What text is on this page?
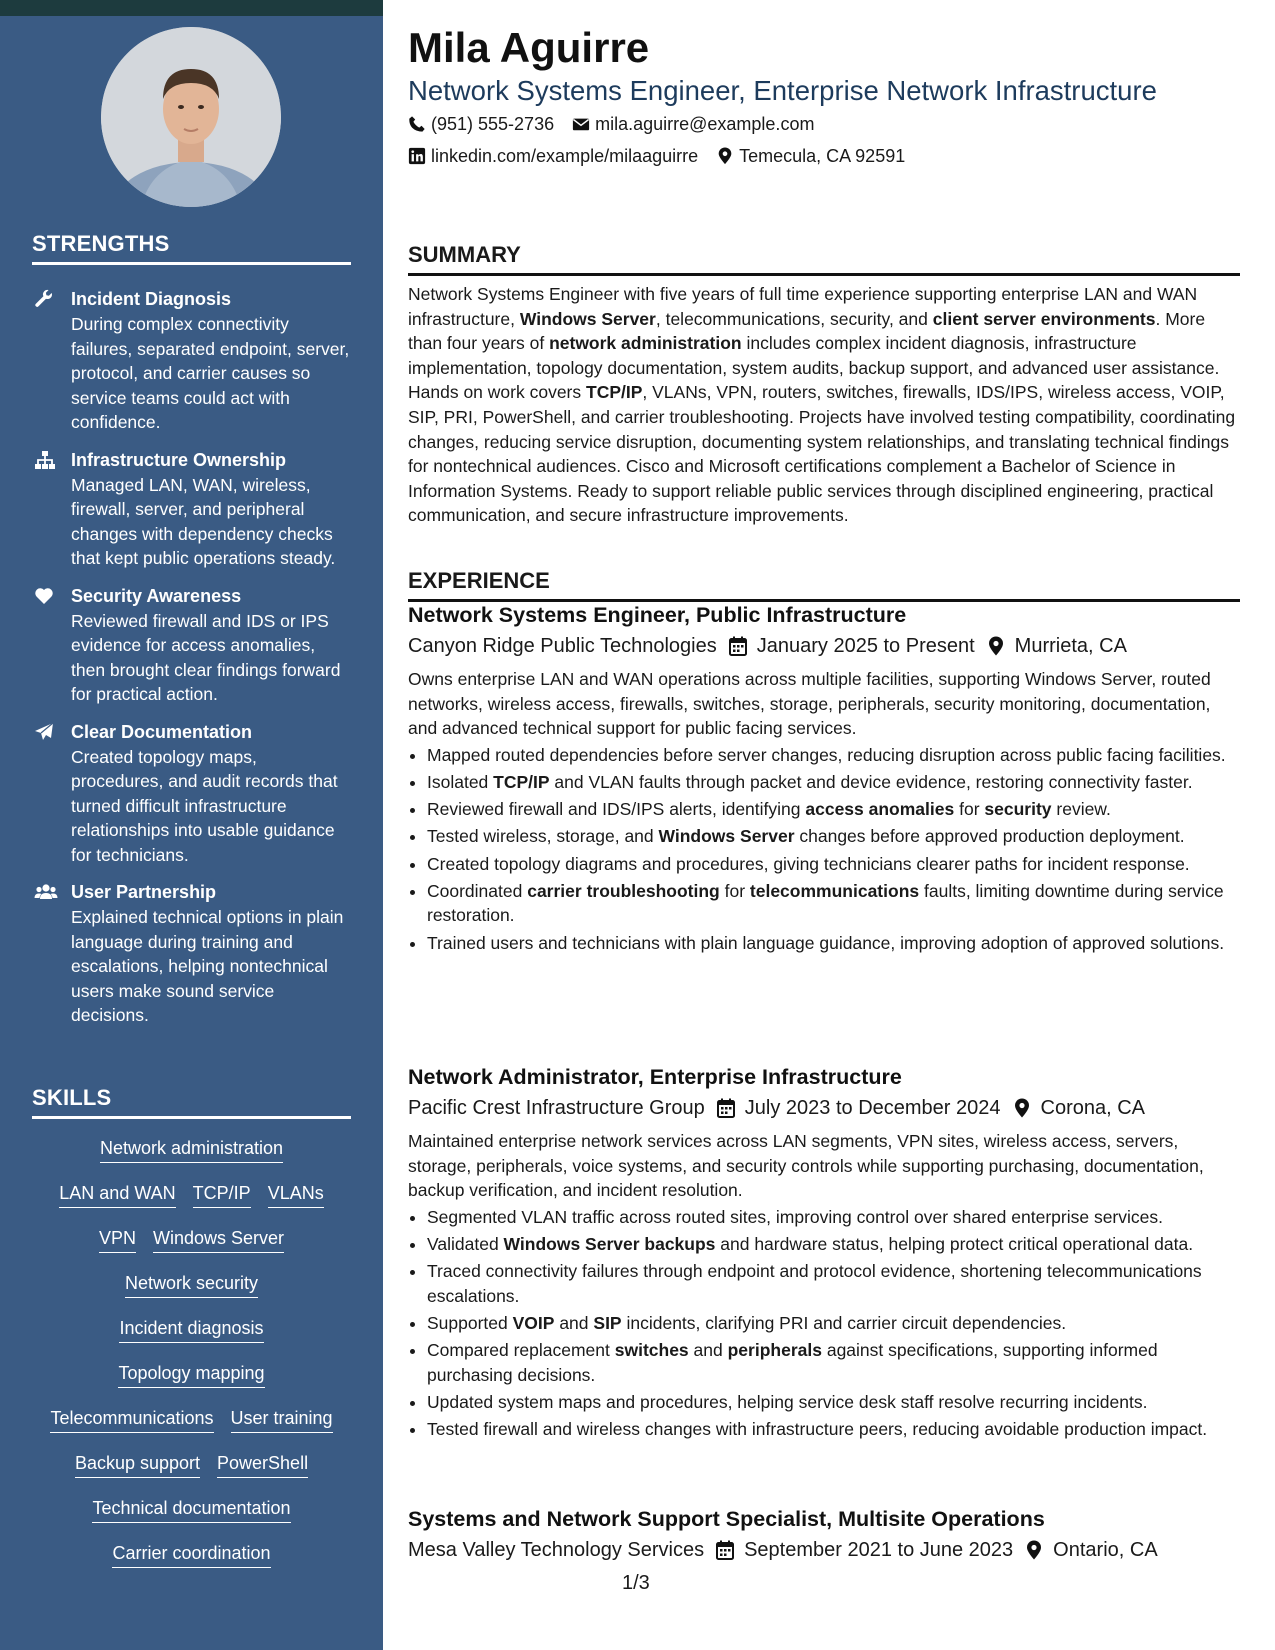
STRENGTHS
Incident Diagnosis
During complex connectivity failures, separated endpoint, server, protocol, and carrier causes so service teams could act with confidence.
Infrastructure Ownership
Managed LAN, WAN, wireless, firewall, server, and peripheral changes with dependency checks that kept public operations steady.
Security Awareness
Reviewed firewall and IDS or IPS evidence for access anomalies, then brought clear findings forward for practical action.
Clear Documentation
Created topology maps, procedures, and audit records that turned difficult infrastructure relationships into usable guidance for technicians.
User Partnership
Explained technical options in plain language during training and escalations, helping nontechnical users make sound service decisions.
SKILLS
Network administration
LAN and WAN TCP/IP VLANs
VPN Windows Server
Network security
Incident diagnosis
Topology mapping
Telecommunications User training
Backup support PowerShell
Technical documentation
Carrier coordination
Mila Aguirre
Network Systems Engineer, Enterprise Network Infrastructure
(951) 555-2736 mila.aguirre@example.com
linkedin.com/example/milaaguirre Temecula, CA 92591
SUMMARY
Network Systems Engineer with five years of full time experience supporting enterprise LAN and WAN infrastructure, Windows Server, telecommunications, security, and client server environments. More than four years of network administration includes complex incident diagnosis, infrastructure implementation, topology documentation, system audits, backup support, and advanced user assistance. Hands on work covers TCP/IP, VLANs, VPN, routers, switches, firewalls, IDS/IPS, wireless access, VOIP, SIP, PRI, PowerShell, and carrier troubleshooting. Projects have involved testing compatibility, coordinating changes, reducing service disruption, documenting system relationships, and translating technical findings for nontechnical audiences. Cisco and Microsoft certifications complement a Bachelor of Science in Information Systems. Ready to support reliable public services through disciplined engineering, practical communication, and secure infrastructure improvements.
EXPERIENCE
Network Systems Engineer, Public Infrastructure
Canyon Ridge Public Technologies January 2025 to Present Murrieta, CA
Owns enterprise LAN and WAN operations across multiple facilities, supporting Windows Server, routed networks, wireless access, firewalls, switches, storage, peripherals, security monitoring, documentation, and advanced technical support for public facing services.
• Mapped routed dependencies before server changes, reducing disruption across public facing facilities.
• Isolated TCP/IP and VLAN faults through packet and device evidence, restoring connectivity faster.
• Reviewed firewall and IDS/IPS alerts, identifying access anomalies for security review.
• Tested wireless, storage, and Windows Server changes before approved production deployment.
• Created topology diagrams and procedures, giving technicians clearer paths for incident response.
• Coordinated carrier troubleshooting for telecommunications faults, limiting downtime during service restoration.
• Trained users and technicians with plain language guidance, improving adoption of approved solutions.
Network Administrator, Enterprise Infrastructure
Pacific Crest Infrastructure Group July 2023 to December 2024 Corona, CA
Maintained enterprise network services across LAN segments, VPN sites, wireless access, servers, storage, peripherals, voice systems, and security controls while supporting purchasing, documentation, backup verification, and incident resolution.
• Segmented VLAN traffic across routed sites, improving control over shared enterprise services.
• Validated Windows Server backups and hardware status, helping protect critical operational data.
• Traced connectivity failures through endpoint and protocol evidence, shortening telecommunications escalations.
• Supported VOIP and SIP incidents, clarifying PRI and carrier circuit dependencies.
• Compared replacement switches and peripherals against specifications, supporting informed purchasing decisions.
• Updated system maps and procedures, helping service desk staff resolve recurring incidents.
• Tested firewall and wireless changes with infrastructure peers, reducing avoidable production impact.
Systems and Network Support Specialist, Multisite Operations
Mesa Valley Technology Services September 2021 to June 2023 Ontario, CA
1/3
